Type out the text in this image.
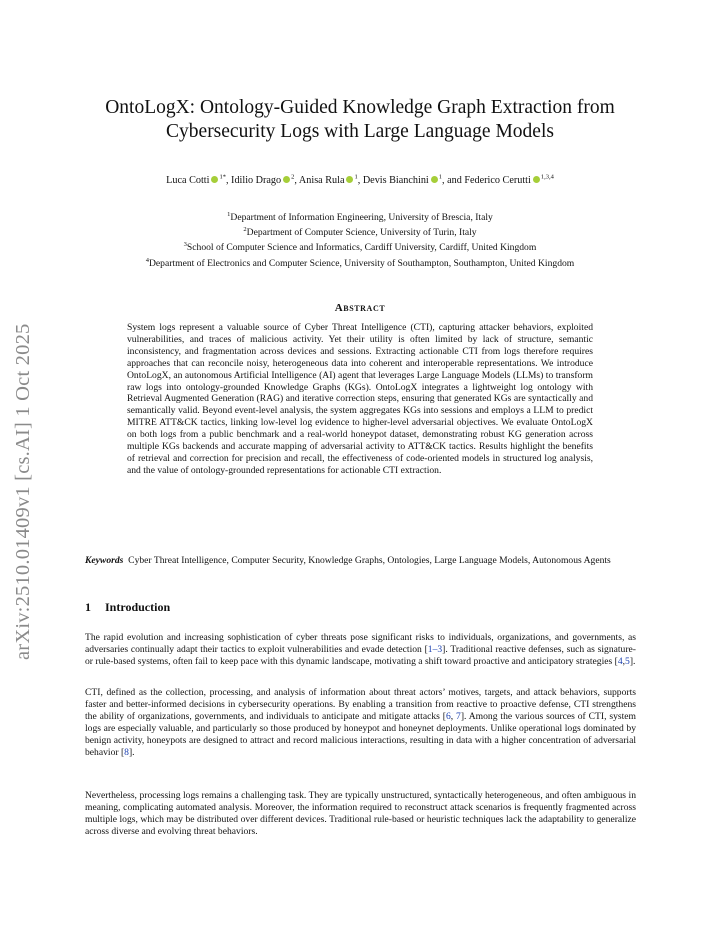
arXiv:2510.01409v1 [cs.AI] 1 Oct 2025
OntoLogX: Ontology-Guided Knowledge Graph Extraction from
Cybersecurity Logs with Large Language Models
Luca Cotti $^{1*}$, Idilio Drago $^2$, Anisa Rula $^1$, Devis Bianchini $^1$, and Federico Cerutti $^{1,3,4}$
$^1$Department of Information Engineering, University of Brescia, Italy
$^2$Department of Computer Science, University of Turin, Italy
$^3$School of Computer Science and Informatics, Cardiff University, Cardiff, United Kingdom
$^4$Department of Electronics and Computer Science, University of Southampton, Southampton, United Kingdom
Abstract
System logs represent a valuable source of Cyber Threat Intelligence (CTI), capturing attacker behaviors, exploited vulnerabilities, and traces of malicious activity. Yet their utility is often limited by lack of structure, semantic inconsistency, and fragmentation across devices and sessions. Extracting actionable CTI from logs therefore requires approaches that can reconcile noisy, heterogeneous data into coherent and interoperable representations. We introduce OntoLogX, an autonomous Artificial Intelligence (AI) agent that leverages Large Language Models (LLMs) to transform raw logs into ontology-grounded Knowledge Graphs (KGs). OntoLogX integrates a lightweight log ontology with Retrieval Augmented Generation (RAG) and iterative correction steps, ensuring that generated KGs are syntactically and semantically valid. Beyond event-level analysis, the system aggregates KGs into sessions and employs a LLM to predict MITRE ATT&CK tactics, linking low-level log evidence to higher-level adversarial objectives. We evaluate OntoLogX on both logs from a public benchmark and a real-world honeypot dataset, demonstrating robust KG generation across multiple KGs backends and accurate mapping of adversarial activity to ATT&CK tactics. Results highlight the benefits of retrieval and correction for precision and recall, the effectiveness of code-oriented models in structured log analysis, and the value of ontology-grounded representations for actionable CTI extraction.
Keywords Cyber Threat Intelligence, Computer Security, Knowledge Graphs, Ontologies, Large Language Models, Autonomous Agents
1 Introduction
The rapid evolution and increasing sophistication of cyber threats pose significant risks to individuals, organizations, and governments, as adversaries continually adapt their tactics to exploit vulnerabilities and evade detection [1–3]. Traditional reactive defenses, such as signature- or rule-based systems, often fail to keep pace with this dynamic landscape, motivating a shift toward proactive and anticipatory strategies [4,5].
CTI, defined as the collection, processing, and analysis of information about threat actors’ motives, targets, and attack behaviors, supports faster and better-informed decisions in cybersecurity operations. By enabling a transition from reactive to proactive defense, CTI strengthens the ability of organizations, governments, and individuals to anticipate and mitigate attacks [6, 7]. Among the various sources of CTI, system logs are especially valuable, and particularly so those produced by honeypot and honeynet deployments. Unlike operational logs dominated by benign activity, honeypots are designed to attract and record malicious interactions, resulting in data with a higher concentration of adversarial behavior [8].
Nevertheless, processing logs remains a challenging task. They are typically unstructured, syntactically heterogeneous, and often ambiguous in meaning, complicating automated analysis. Moreover, the information required to reconstruct attack scenarios is frequently fragmented across multiple logs, which may be distributed over different devices. Traditional rule-based or heuristic techniques lack the adaptability to generalize across diverse and evolving threat behaviors.
